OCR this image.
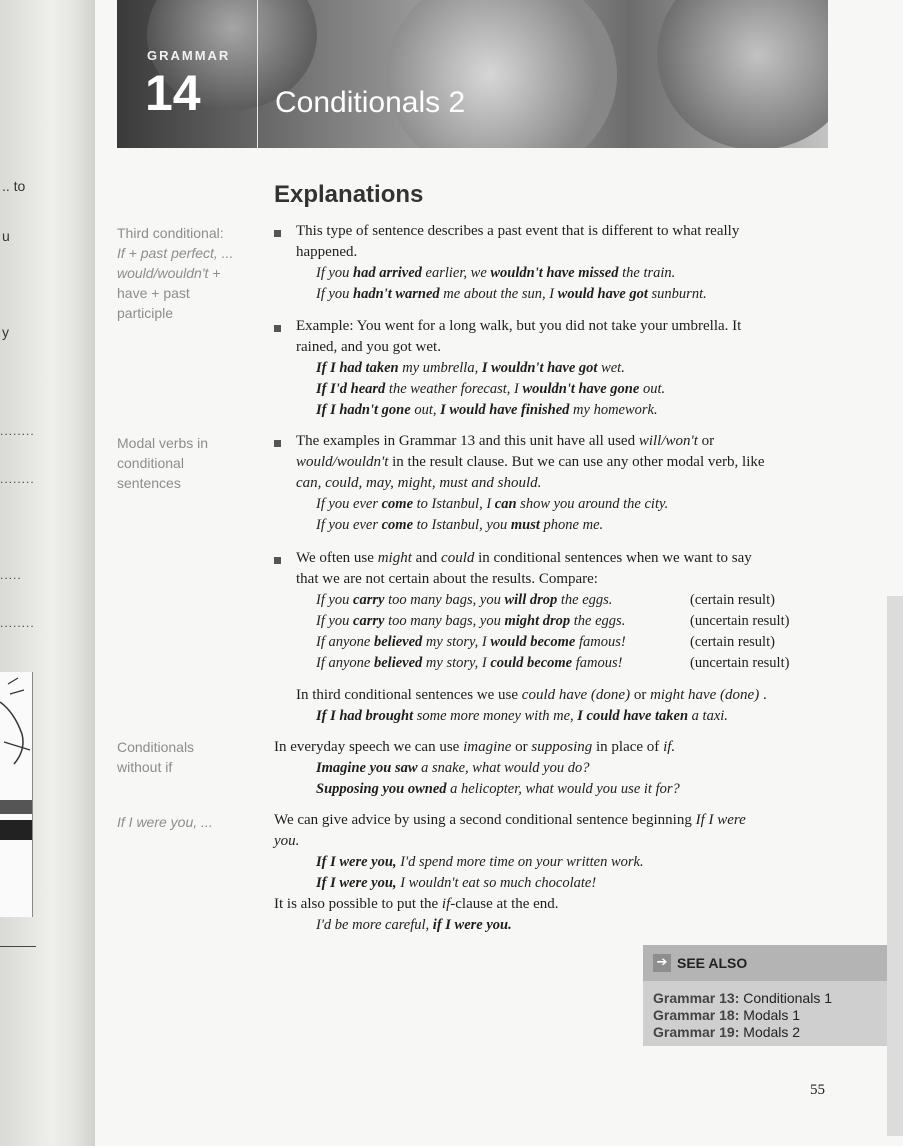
.. to
u
y
........
........
.....
........
GRAMMAR
14 Conditionals 2
Explanations
Third conditional:
If + past perfect, ...
would/wouldn't +
have + past
participle
Modal verbs in
conditional
sentences
Conditionals
without if
If I were you, ...
This type of sentence describes a past event that is different to what really
happened.
If you had arrived earlier, we wouldn't have missed the train.
If you hadn't warned me about the sun, I would have got sunburnt.
Example: You went for a long walk, but you did not take your umbrella. It
rained, and you got wet.
If I had taken my umbrella, I wouldn't have got wet.
If I'd heard the weather forecast, I wouldn't have gone out.
If I hadn't gone out, I would have finished my homework.
The examples in Grammar 13 and this unit have all used will/won't or
would/wouldn't in the result clause. But we can use any other modal verb, like
can, could, may, might, must and should.
If you ever come to Istanbul, I can show you around the city.
If you ever come to Istanbul, you must phone me.
We often use might and could in conditional sentences when we want to say
that we are not certain about the results. Compare:
If you carry too many bags, you will drop the eggs.	(certain result)
If you carry too many bags, you might drop the eggs.	(uncertain result)
If anyone believed my story, I would become famous!	(certain result)
If anyone believed my story, I could become famous!	(uncertain result)
In third conditional sentences we use could have (done) or might have (done) .
If I had brought some more money with me, I could have taken a taxi.
In everyday speech we can use imagine or supposing in place of if.
Imagine you saw a snake, what would you do?
Supposing you owned a helicopter, what would you use it for?
We can give advice by using a second conditional sentence beginning If I were
you.
If I were you, I'd spend more time on your written work.
If I were you, I wouldn't eat so much chocolate!
It is also possible to put the if-clause at the end.
I'd be more careful, if I were you.
➔ SEE ALSO
Grammar 13: Conditionals 1
Grammar 18: Modals 1
Grammar 19: Modals 2
55
